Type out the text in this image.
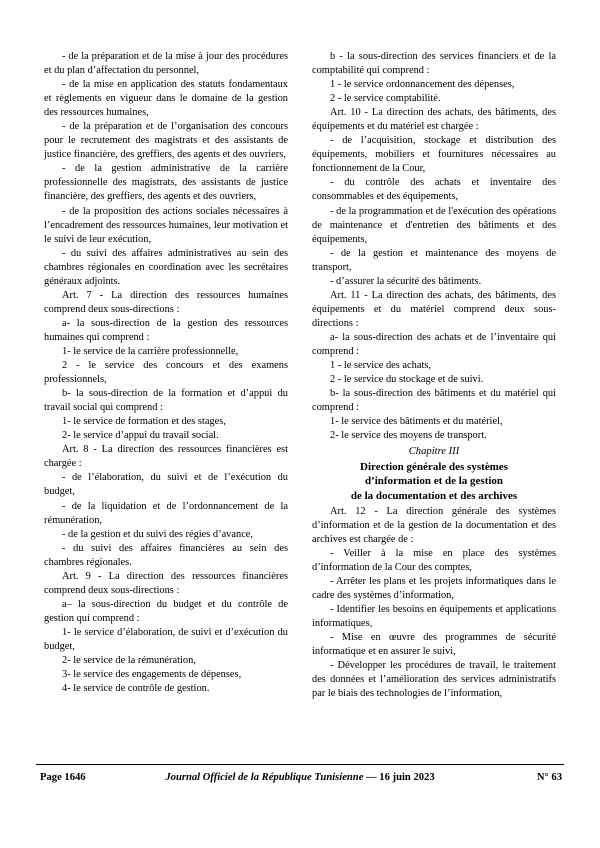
- de la préparation et de la mise à jour des procédures et du plan d’affectation du personnel,

- de la mise en application des statuts fondamentaux et règlements en vigueur dans le domaine de la gestion des ressources humaines,

- de la préparation et de l’organisation des concours pour le recrutement des magistrats et des assistants de justice financière, des greffiers, des agents et des ouvriers,

- de la gestion administrative de la carrière professionnelle des magistrats, des assistants de justice financière, des greffiers, des agents et des ouvriers,

- de la proposition des actions sociales nécessaires à l’encadrement des ressources humaines, leur motivation et le suivi de leur exécution,

- du suivi des affaires administratives au sein des chambres régionales en coordination avec les secrétaires généraux adjoints.

Art. 7 - La direction des ressources humaines comprend deux sous-directions :

a- la sous-direction de la gestion des ressources humaines qui comprend :

1- le service de la carrière professionnelle,

2 - le service des concours et des examens professionnels,

b- la sous-direction de la formation et d’appui du travail social qui comprend :

1- le service de formation et des stages,

2- le service d’appui du travail social.

Art. 8 - La direction des ressources financières est chargée :

- de l’élaboration, du suivi et de l’exécution du budget,

- de la liquidation et de l’ordonnancement de la rémunération,

- de la gestion et du suivi des régies d’avance,

- du suivi des affaires financières au sein des chambres régionales.

Art. 9 - La direction des ressources financières comprend deux sous-directions :

a– la sous-direction du budget et du contrôle de gestion qui comprend :

1- le service d’élaboration, de suivi et d’exécution du budget,

2- le service de la rémunération,

3- le service des engagements de dépenses,

4- le service de contrôle de gestion.

b - la sous-direction des services financiers et de la comptabilité qui comprend :

1 - le service ordonnancement des dépenses,

2 - le service comptabilité.

Art. 10 - La direction des achats, des bâtiments, des équipements et du matériel est chargée :

- de l’acquisition, stockage et distribution des équipements, mobiliers et fournitures nécessaires au fonctionnement de la Cour,

- du contrôle des achats et inventaire des consommables et des équipements,

- de la programmation et de l'exécution des opérations de maintenance et d'entretien des bâtiments et des équipements,

- de la gestion et maintenance des moyens de transport,

- d’assurer la sécurité des bâtiments.

Art. 11 - La direction des achats, des bâtiments, des équipements et du matériel comprend deux sous-directions :

a- la sous-direction des achats et de l’inventaire qui comprend :

1 - le service des achats,

2 - le service du stockage et de suivi.

b- la sous-direction des bâtiments et du matériel qui comprend :

1- le service des bâtiments et du matériel,

2- le service des moyens de transport.

Chapitre III

Direction générale des systèmes

d’information et de la gestion

de la documentation et des archives

Art. 12 - La direction générale des systèmes d’information et de la gestion de la documentation et des archives est chargée de :

- Veiller à la mise en place des systèmes d’information de la Cour des comptes,

- Arrêter les plans et les projets informatiques dans le cadre des systèmes d’information,

- Identifier les besoins en équipements et applications informatiques,

- Mise en œuvre des programmes de sécurité informatique et en assurer le suivi,

- Développer les procédures de travail, le traitement des données et l’amélioration des services administratifs par le biais des technologies de l’information,

Page 1646	Journal Officiel de la République Tunisienne — 16 juin 2023	N° 63
